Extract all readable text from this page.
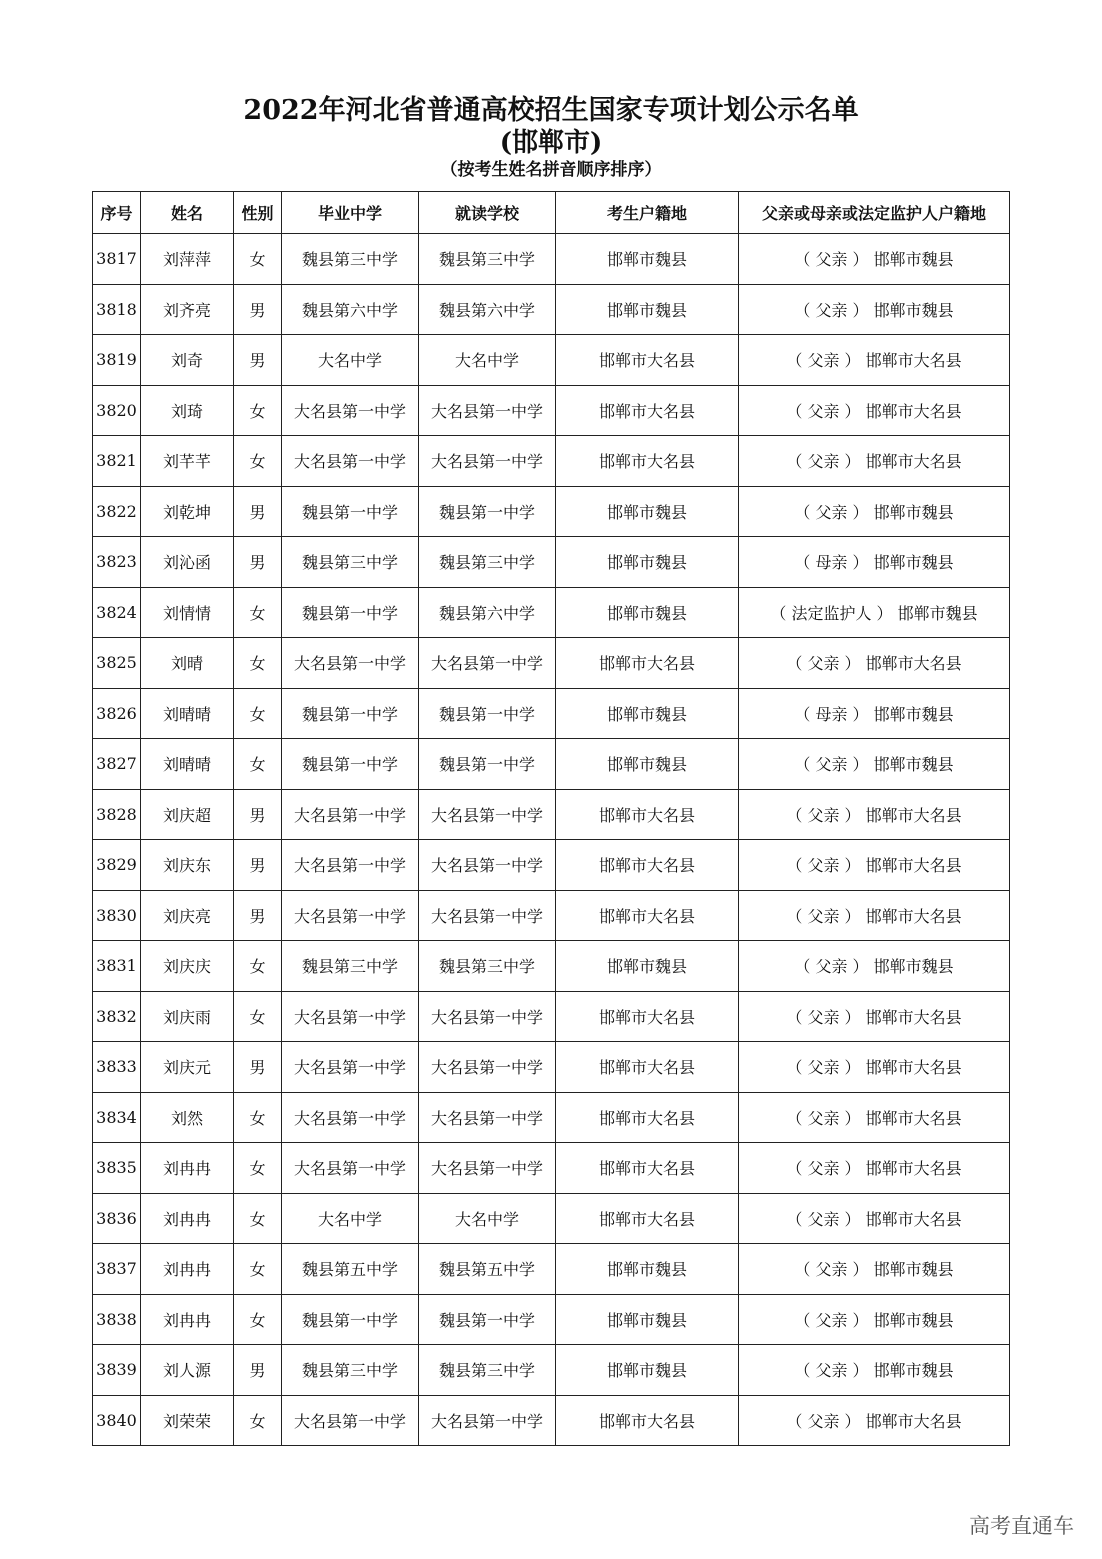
2022年河北省普通高校招生国家专项计划公示名单
(邯郸市)
（按考生姓名拼音顺序排序）
序号	姓名	性别	毕业中学	就读学校	考生户籍地	父亲或母亲或法定监护人户籍地
3817	刘萍萍	女	魏县第三中学	魏县第三中学	邯郸市魏县	（ 父亲 ） 邯郸市魏县
3818	刘齐亮	男	魏县第六中学	魏县第六中学	邯郸市魏县	（ 父亲 ） 邯郸市魏县
3819	刘奇	男	大名中学	大名中学	邯郸市大名县	（ 父亲 ） 邯郸市大名县
3820	刘琦	女	大名县第一中学	大名县第一中学	邯郸市大名县	（ 父亲 ） 邯郸市大名县
3821	刘芊芊	女	大名县第一中学	大名县第一中学	邯郸市大名县	（ 父亲 ） 邯郸市大名县
3822	刘乾坤	男	魏县第一中学	魏县第一中学	邯郸市魏县	（ 父亲 ） 邯郸市魏县
3823	刘沁函	男	魏县第三中学	魏县第三中学	邯郸市魏县	（ 母亲 ） 邯郸市魏县
3824	刘情情	女	魏县第一中学	魏县第六中学	邯郸市魏县	（ 法定监护人 ） 邯郸市魏县
3825	刘晴	女	大名县第一中学	大名县第一中学	邯郸市大名县	（ 父亲 ） 邯郸市大名县
3826	刘晴晴	女	魏县第一中学	魏县第一中学	邯郸市魏县	（ 母亲 ） 邯郸市魏县
3827	刘晴晴	女	魏县第一中学	魏县第一中学	邯郸市魏县	（ 父亲 ） 邯郸市魏县
3828	刘庆超	男	大名县第一中学	大名县第一中学	邯郸市大名县	（ 父亲 ） 邯郸市大名县
3829	刘庆东	男	大名县第一中学	大名县第一中学	邯郸市大名县	（ 父亲 ） 邯郸市大名县
3830	刘庆亮	男	大名县第一中学	大名县第一中学	邯郸市大名县	（ 父亲 ） 邯郸市大名县
3831	刘庆庆	女	魏县第三中学	魏县第三中学	邯郸市魏县	（ 父亲 ） 邯郸市魏县
3832	刘庆雨	女	大名县第一中学	大名县第一中学	邯郸市大名县	（ 父亲 ） 邯郸市大名县
3833	刘庆元	男	大名县第一中学	大名县第一中学	邯郸市大名县	（ 父亲 ） 邯郸市大名县
3834	刘然	女	大名县第一中学	大名县第一中学	邯郸市大名县	（ 父亲 ） 邯郸市大名县
3835	刘冉冉	女	大名县第一中学	大名县第一中学	邯郸市大名县	（ 父亲 ） 邯郸市大名县
3836	刘冉冉	女	大名中学	大名中学	邯郸市大名县	（ 父亲 ） 邯郸市大名县
3837	刘冉冉	女	魏县第五中学	魏县第五中学	邯郸市魏县	（ 父亲 ） 邯郸市魏县
3838	刘冉冉	女	魏县第一中学	魏县第一中学	邯郸市魏县	（ 父亲 ） 邯郸市魏县
3839	刘人源	男	魏县第三中学	魏县第三中学	邯郸市魏县	（ 父亲 ） 邯郸市魏县
3840	刘荣荣	女	大名县第一中学	大名县第一中学	邯郸市大名县	（ 父亲 ） 邯郸市大名县
高考直通车
